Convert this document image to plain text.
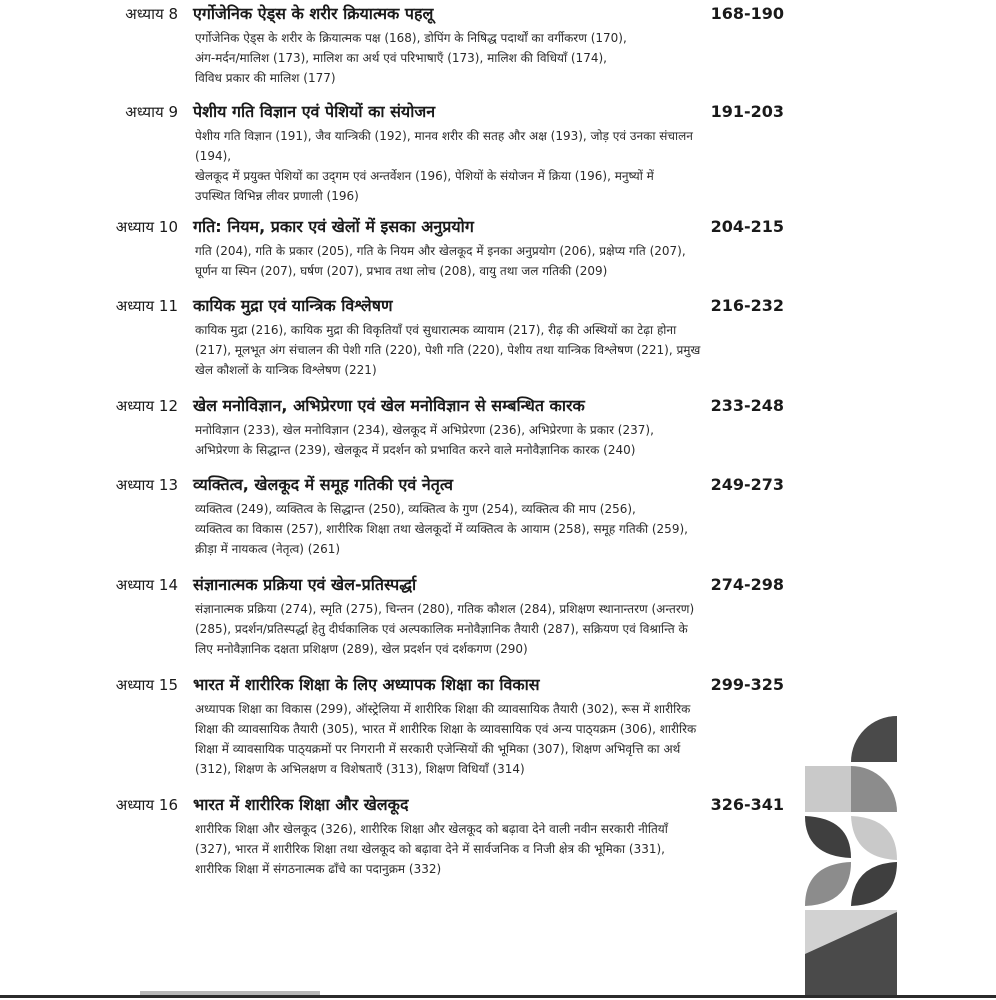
अध्याय 8 एर्गोजेनिक ऐड्स के शरीर क्रियात्मक पहलू	168-190
एर्गोजेनिक ऐड्स के शरीर के क्रियात्मक पक्ष (168), डोपिंग के निषिद्ध पदार्थों का वर्गीकरण (170),
अंग-मर्दन/मालिश (173), मालिश का अर्थ एवं परिभाषाएँ (173), मालिश की विधियाँ (174),
विविध प्रकार की मालिश (177)
अध्याय 9 पेशीय गति विज्ञान एवं पेशियों का संयोजन	191-203
पेशीय गति विज्ञान (191), जैव यान्त्रिकी (192), मानव शरीर की सतह और अक्ष (193), जोड़ एवं उनका संचालन
(194),
खेलकूद में प्रयुक्त पेशियों का उद्‌गम एवं अन्तर्वेशन (196), पेशियों के संयोजन में क्रिया (196), मनुष्यों में
उपस्थित विभिन्न लीवर प्रणाली (196)
अध्याय 10 गति: नियम, प्रकार एवं खेलों में इसका अनुप्रयोग	204-215
गति (204), गति के प्रकार (205), गति के नियम और खेलकूद में इनका अनुप्रयोग (206), प्रक्षेप्य गति (207),
घूर्णन या स्पिन (207), घर्षण (207), प्रभाव तथा लोच (208), वायु तथा जल गतिकी (209)
अध्याय 11 कायिक मुद्रा एवं यान्त्रिक विश्लेषण	216-232
कायिक मुद्रा (216), कायिक मुद्रा की विकृतियाँ एवं सुधारात्मक व्यायाम (217), रीढ़ की अस्थियों का टेढ़ा होना
(217), मूलभूत अंग संचालन की पेशी गति (220), पेशी गति (220), पेशीय तथा यान्त्रिक विश्लेषण (221), प्रमुख
खेल कौशलों के यान्त्रिक विश्लेषण (221)
अध्याय 12 खेल मनोविज्ञान, अभिप्रेरणा एवं खेल मनोविज्ञान से सम्बन्धित कारक	233-248
मनोविज्ञान (233), खेल मनोविज्ञान (234), खेलकूद में अभिप्रेरणा (236), अभिप्रेरणा के प्रकार (237),
अभिप्रेरणा के सिद्धान्त (239), खेलकूद में प्रदर्शन को प्रभावित करने वाले मनोवैज्ञानिक कारक (240)
अध्याय 13 व्यक्तित्व, खेलकूद में समूह गतिकी एवं नेतृत्व	249-273
व्यक्तित्व (249), व्यक्तित्व के सिद्धान्त (250), व्यक्तित्व के गुण (254), व्यक्तित्व की माप (256),
व्यक्तित्व का विकास (257), शारीरिक शिक्षा तथा खेलकूदों में व्यक्तित्व के आयाम (258), समूह गतिकी (259),
क्रीड़ा में नायकत्व (नेतृत्व) (261)
अध्याय 14 संज्ञानात्मक प्रक्रिया एवं खेल-प्रतिस्पर्द्धा	274-298
संज्ञानात्मक प्रक्रिया (274), स्मृति (275), चिन्तन (280), गतिक कौशल (284), प्रशिक्षण स्थानान्तरण (अन्तरण)
(285), प्रदर्शन/प्रतिस्पर्द्धा हेतु दीर्घकालिक एवं अल्पकालिक मनोवैज्ञानिक तैयारी (287), सक्रियण एवं विश्रान्ति के
लिए मनोवैज्ञानिक दक्षता प्रशिक्षण (289), खेल प्रदर्शन एवं दर्शकगण (290)
अध्याय 15 भारत में शारीरिक शिक्षा के लिए अध्यापक शिक्षा का विकास	299-325
अध्यापक शिक्षा का विकास (299), ऑस्ट्रेलिया में शारीरिक शिक्षा की व्यावसायिक तैयारी (302), रूस में शारीरिक
शिक्षा की व्यावसायिक तैयारी (305), भारत में शारीरिक शिक्षा के व्यावसायिक एवं अन्य पाठ्‌यक्रम (306), शारीरिक
शिक्षा में व्यावसायिक पाठ्‌यक्रमों पर निगरानी में सरकारी एजेन्सियों की भूमिका (307), शिक्षण अभिवृत्ति का अर्थ
(312), शिक्षण के अभिलक्षण व विशेषताएँ (313), शिक्षण विधियाँ (314)
अध्याय 16 भारत में शारीरिक शिक्षा और खेलकूद	326-341
शारीरिक शिक्षा और खेलकूद (326), शारीरिक शिक्षा और खेलकूद को बढ़ावा देने वाली नवीन सरकारी नीतियाँ
(327), भारत में शारीरिक शिक्षा तथा खेलकूद को बढ़ावा देने में सार्वजनिक व निजी क्षेत्र की भूमिका (331),
शारीरिक शिक्षा में संगठनात्मक ढाँचे का पदानुक्रम (332)
